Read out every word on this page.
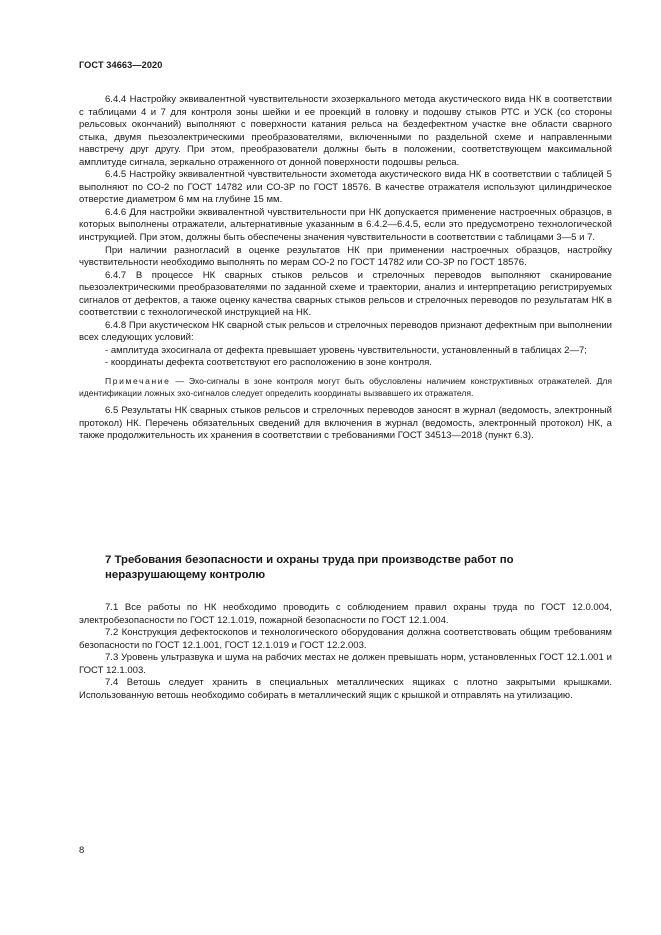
ГОСТ 34663—2020

6.4.4 Настройку эквивалентной чувствительности эхозеркального метода акустического вида НК в соответствии с таблицами 4 и 7 для контроля зоны шейки и ее проекций в головку и подошву стыков РТС и УСК (со стороны рельсовых окончаний) выполняют с поверхности катания рельса на бездефектном участке вне области сварного стыка, двумя пьезоэлектрическими преобразователями, включенными по раздельной схеме и направленными навстречу друг другу. При этом, преобразователи должны быть в положении, соответствующем максимальной амплитуде сигнала, зеркально отраженного от донной поверхности подошвы рельса.

6.4.5 Настройку эквивалентной чувствительности эхометода акустического вида НК в соответствии с таблицей 5 выполняют по СО-2 по ГОСТ 14782 или СО-3Р по ГОСТ 18576. В качестве отражателя используют цилиндрическое отверстие диаметром 6 мм на глубине 15 мм.

6.4.6 Для настройки эквивалентной чувствительности при НК допускается применение настроечных образцов, в которых выполнены отражатели, альтернативные указанным в 6.4.2—6.4.5, если это предусмотрено технологической инструкцией. При этом, должны быть обеспечены значения чувствительности в соответствии с таблицами 3—5 и 7.

При наличии разногласий в оценке результатов НК при применении настроечных образцов, настройку чувствительности необходимо выполнять по мерам СО-2 по ГОСТ 14782 или СО-3Р по ГОСТ 18576.

6.4.7 В процессе НК сварных стыков рельсов и стрелочных переводов выполняют сканирование пьезоэлектрическими преобразователями по заданной схеме и траектории, анализ и интерпретацию регистрируемых сигналов от дефектов, а также оценку качества сварных стыков рельсов и стрелочных переводов по результатам НК в соответствии с технологической инструкцией на НК.

6.4.8 При акустическом НК сварной стык рельсов и стрелочных переводов признают дефектным при выполнении всех следующих условий:

- амплитуда эхосигнала от дефекта превышает уровень чувствительности, установленный в таблицах 2—7;

- координаты дефекта соответствуют его расположению в зоне контроля.

Примечание — Эхо-сигналы в зоне контроля могут быть обусловлены наличием конструктивных отражателей. Для идентификации ложных эхо-сигналов следует определить координаты вызвавшего их отражателя.

6.5 Результаты НК сварных стыков рельсов и стрелочных переводов заносят в журнал (ведомость, электронный протокол) НК. Перечень обязательных сведений для включения в журнал (ведомость, электронный протокол) НК, а также продолжительность их хранения в соответствии с требованиями ГОСТ 34513—2018 (пункт 6.3).

7 Требования безопасности и охраны труда при производстве работ по неразрушающему контролю

7.1 Все работы по НК необходимо проводить с соблюдением правил охраны труда по ГОСТ 12.0.004, электробезопасности по ГОСТ 12.1.019, пожарной безопасности по ГОСТ 12.1.004.

7.2 Конструкция дефектоскопов и технологического оборудования должна соответствовать общим требованиям безопасности по ГОСТ 12.1.001, ГОСТ 12.1.019 и ГОСТ 12.2.003.

7.3 Уровень ультразвука и шума на рабочих местах не должен превышать норм, установленных ГОСТ 12.1.001 и ГОСТ 12.1.003.

7.4 Ветошь следует хранить в специальных металлических ящиках с плотно закрытыми крышками. Использованную ветошь необходимо собирать в металлический ящик с крышкой и отправлять на утилизацию.

8
